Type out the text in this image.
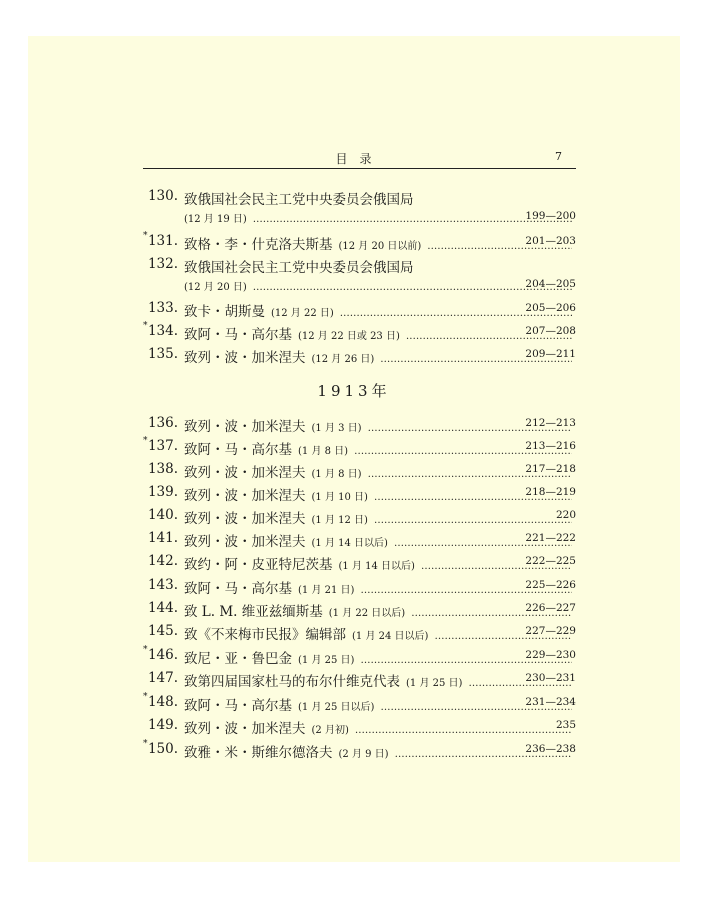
目录	7
130. 致俄国社会民主工党中央委员会俄国局
(12 月 19 日) ………………………………………………………………………………………………………………	199—200
* 131. 致格・李・什克洛夫斯基 (12 月 20 日以前) ………………………………………………………………………………………………………………	201—203
132. 致俄国社会民主工党中央委员会俄国局
(12 月 20 日) ………………………………………………………………………………………………………………	204—205
133. 致卡・胡斯曼 (12 月 22 日) ………………………………………………………………………………………………………………	205—206
* 134. 致阿・马・高尔基 (12 月 22 日或 23 日) ………………………………………………………………………………………………………………	207—208
135. 致列・波・加米涅夫 (12 月 26 日) ………………………………………………………………………………………………………………	209—211
1913年
136. 致列・波・加米涅夫 (1 月 3 日) ………………………………………………………………………………………………………………	212—213
* 137. 致阿・马・高尔基 (1 月 8 日) ………………………………………………………………………………………………………………	213—216
138. 致列・波・加米涅夫 (1 月 8 日) ………………………………………………………………………………………………………………	217—218
139. 致列・波・加米涅夫 (1 月 10 日) ………………………………………………………………………………………………………………	218—219
140. 致列・波・加米涅夫 (1 月 12 日) ………………………………………………………………………………………………………………	220
141. 致列・波・加米涅夫 (1 月 14 日以后) ………………………………………………………………………………………………………………	221—222
142. 致约・阿・皮亚特尼茨基 (1 月 14 日以后) ………………………………………………………………………………………………………………	222—225
143. 致阿・马・高尔基 (1 月 21 日) ………………………………………………………………………………………………………………	225—226
144. 致 L. M. 维亚兹缅斯基 (1 月 22 日以后) ………………………………………………………………………………………………………………	226—227
145. 致《不来梅市民报》编辑部 (1 月 24 日以后) ………………………………………………………………………………………………………………	227—229
* 146. 致尼・亚・鲁巴金 (1 月 25 日) ………………………………………………………………………………………………………………	229—230
147. 致第四届国家杜马的布尔什维克代表 (1 月 25 日) ………………………………………………………………………………………………………………	230—231
* 148. 致阿・马・高尔基 (1 月 25 日以后) ………………………………………………………………………………………………………………	231—234
149. 致列・波・加米涅夫 (2 月初) ………………………………………………………………………………………………………………	235
* 150. 致雅・米・斯维尔德洛夫 (2 月 9 日) ………………………………………………………………………………………………………………	236—238
